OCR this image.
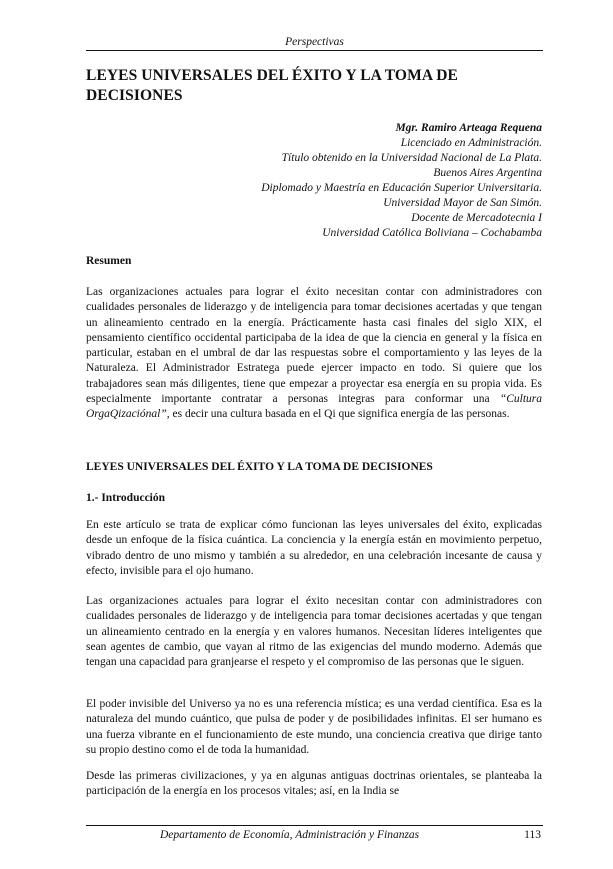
Perspectivas
LEYES UNIVERSALES DEL ÉXITO Y LA TOMA DE DECISIONES
Mgr. Ramiro Arteaga Requena
Licenciado en Administración.
Título obtenido en la Universidad Nacional de La Plata.
Buenos Aires Argentina
Diplomado y Maestría en Educación Superior Universitaria.
Universidad Mayor de San Simón.
Docente de Mercadotecnia I
Universidad Católica Boliviana – Cochabamba
Resumen

Las organizaciones actuales para lograr el éxito necesitan contar con administradores con cualidades personales de liderazgo y de inteligencia para tomar decisiones acertadas y que tengan un alineamiento centrado en la energía. Prácticamente hasta casi finales del siglo XIX, el pensamiento científico occidental participaba de la idea de que la ciencia en general y la física en particular, estaban en el umbral de dar las respuestas sobre el comportamiento y las leyes de la Naturaleza. El Administrador Estratega puede ejercer impacto en todo. Si quiere que los trabajadores sean más diligentes, tiene que empezar a proyectar esa energía en su propia vida. Es especialmente importante contratar a personas integras para conformar una “Cultura OrgaQizaciónal”, es decir una cultura basada en el Qi que significa energía de las personas.

LEYES UNIVERSALES DEL ÉXITO Y LA TOMA DE DECISIONES
1.- Introducción

En este artículo se trata de explicar cómo funcionan las leyes universales del éxito, explicadas desde un enfoque de la física cuántica. La conciencia y la energía están en movimiento perpetuo, vibrado dentro de uno mismo y también a su alrededor, en una celebración incesante de causa y efecto, invisible para el ojo humano.

Las organizaciones actuales para lograr el éxito necesitan contar con administradores con cualidades personales de liderazgo y de inteligencia para tomar decisiones acertadas y que tengan un alineamiento centrado en la energía y en valores humanos. Necesitan líderes inteligentes que sean agentes de cambio, que vayan al ritmo de las exigencias del mundo moderno. Además que tengan una capacidad para granjearse el respeto y el compromiso de las personas que le siguen.

El poder invisible del Universo ya no es una referencia mística; es una verdad científica. Esa es la naturaleza del mundo cuántico, que pulsa de poder y de posibilidades infinitas. El ser humano es una fuerza vibrante en el funcionamiento de este mundo, una conciencia creativa que dirige tanto su propio destino como el de toda la humanidad.

Desde las primeras civilizaciones, y ya en algunas antiguas doctrinas orientales, se planteaba la participación de la energía en los procesos vitales; así, en la India se

Departamento de Economía, Administración y Finanzas	113
